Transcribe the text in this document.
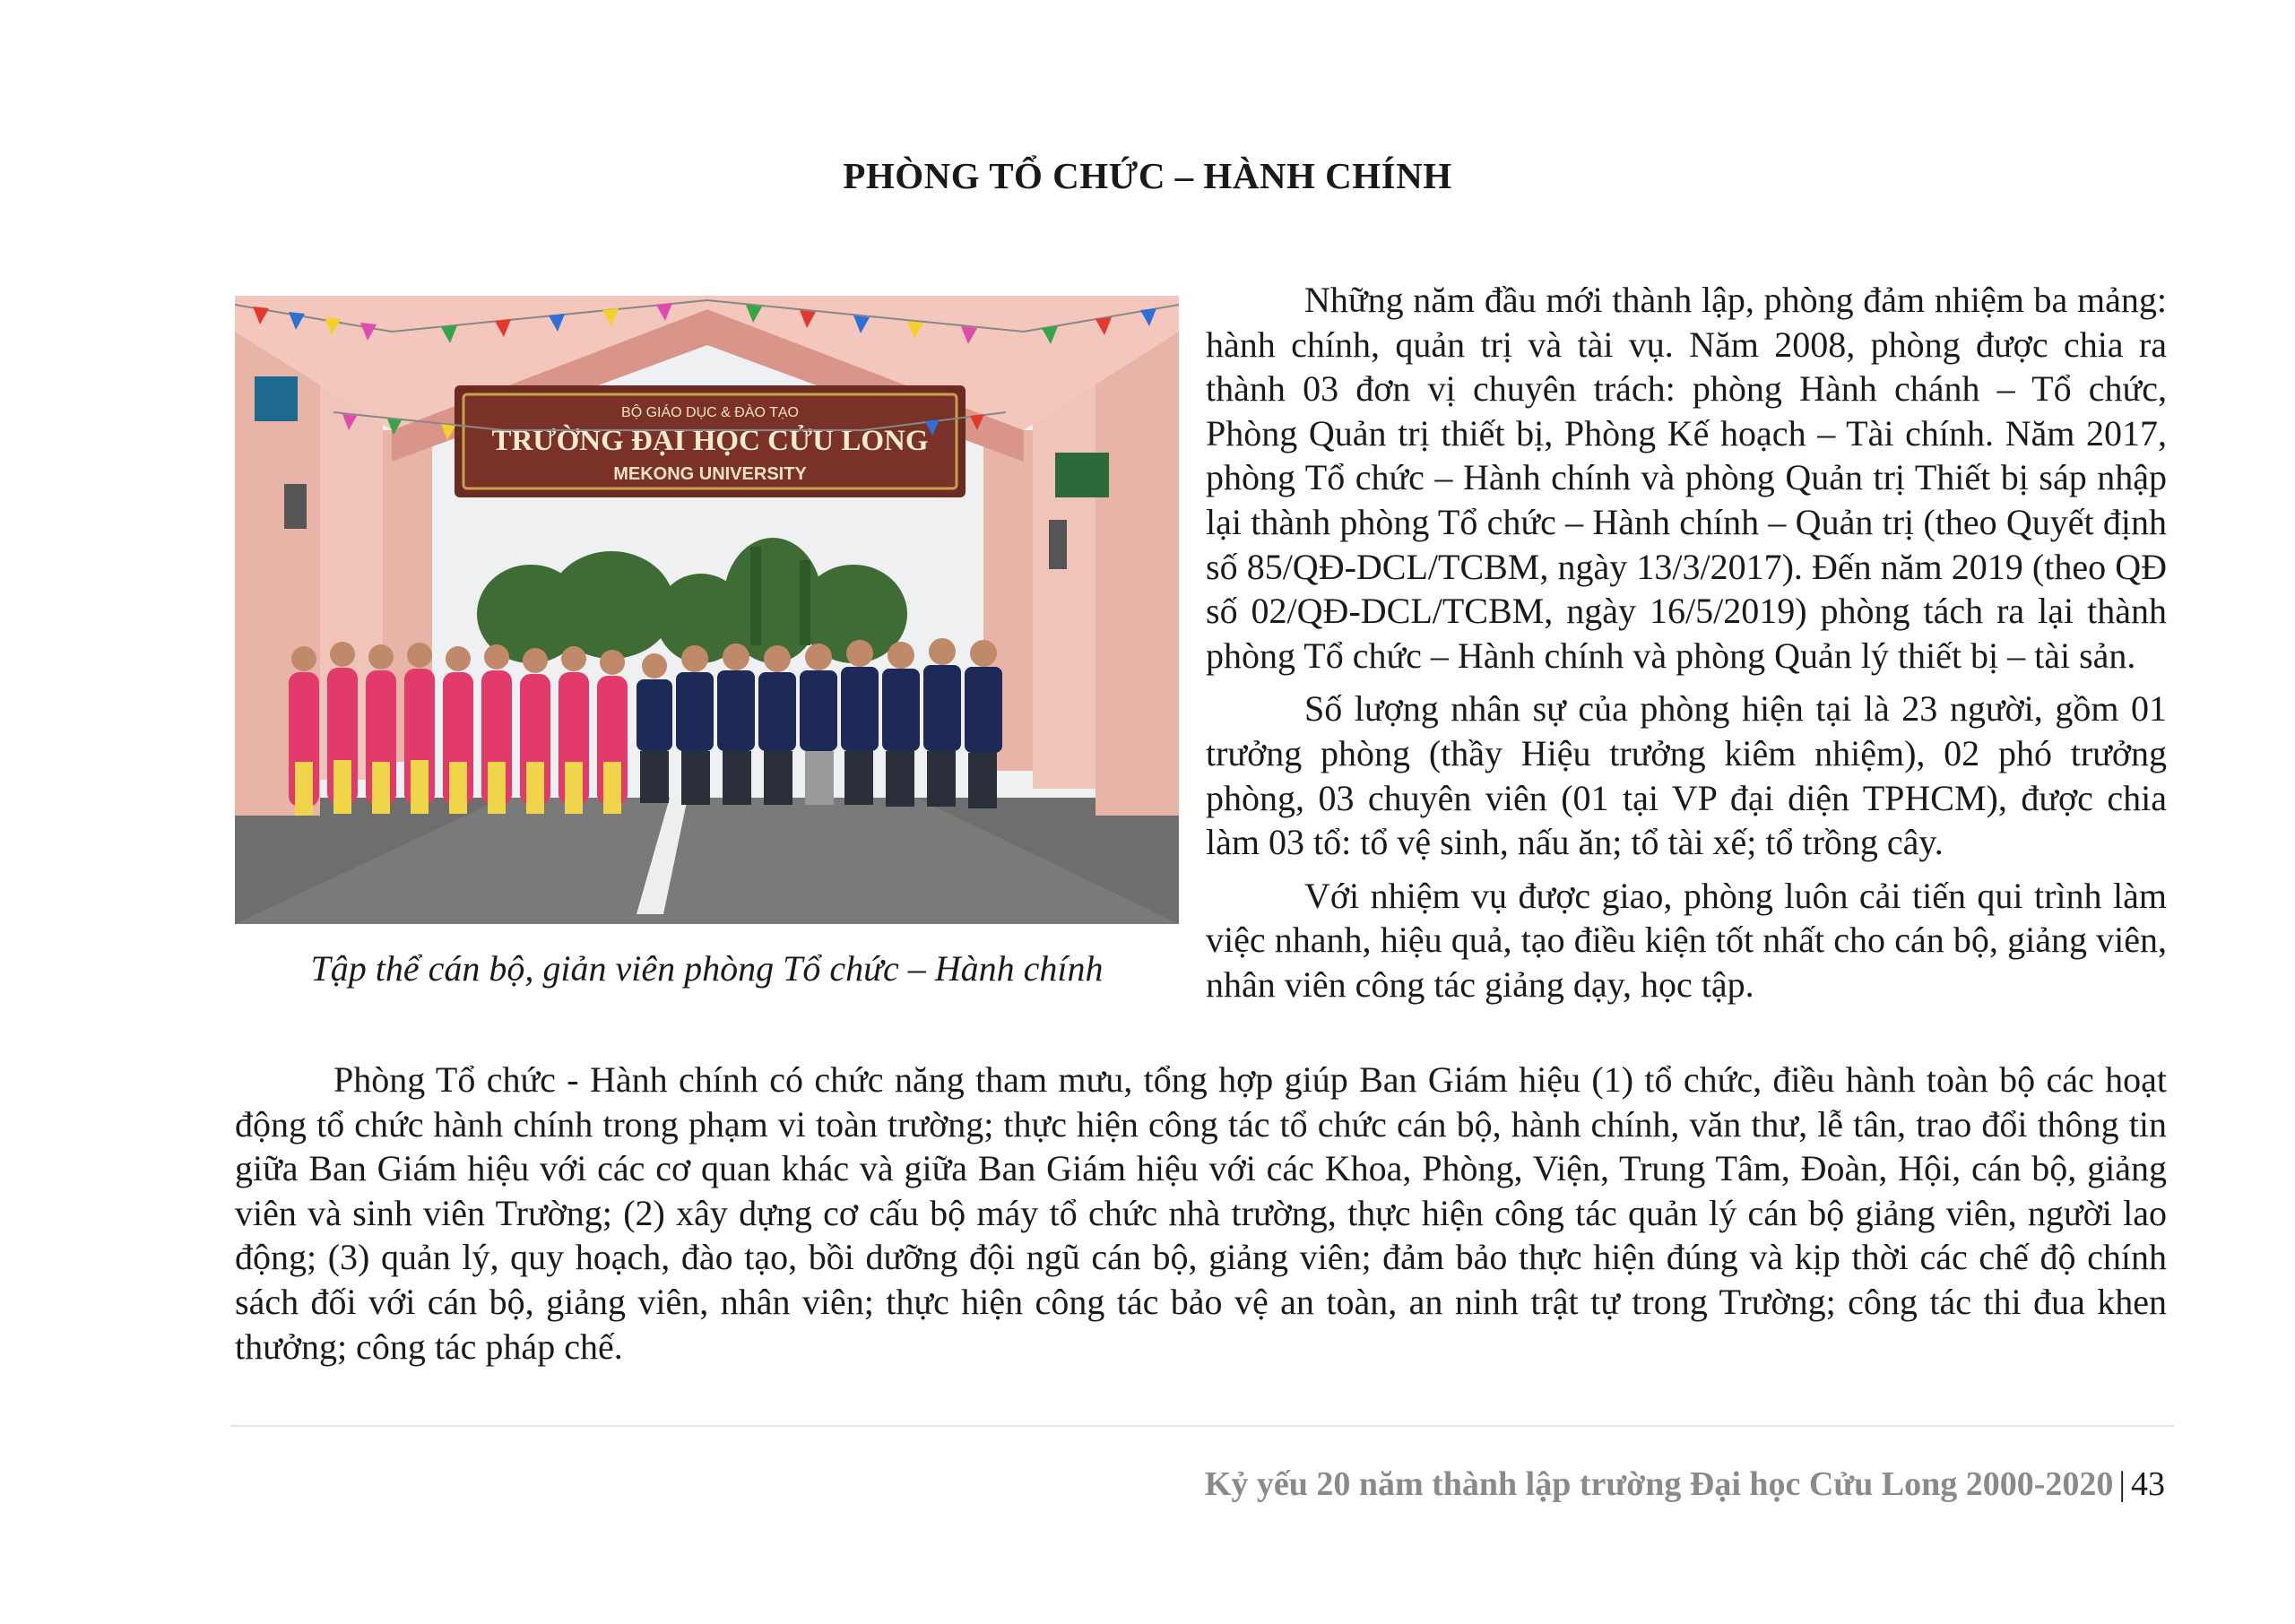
PHÒNG TỔ CHỨC – HÀNH CHÍNH
BỘ GIÁO DỤC & ĐÀO TẠO
TRƯỜNG ĐẠI HỌC CỬU LONG
MEKONG UNIVERSITY
Tập thể cán bộ, giản viên phòng Tổ chức – Hành chính

Những năm đầu mới thành lập, phòng đảm nhiệm ba mảng: hành chính, quản trị và tài vụ. Năm 2008, phòng được chia ra thành 03 đơn vị chuyên trách: phòng Hành chánh – Tổ chức, Phòng Quản trị thiết bị, Phòng Kế hoạch – Tài chính. Năm 2017, phòng Tổ chức – Hành chính và phòng Quản trị Thiết bị sáp nhập lại thành phòng Tổ chức – Hành chính – Quản trị (theo Quyết định số 85/QĐ-DCL/TCBM, ngày 13/3/2017). Đến năm 2019 (theo QĐ số 02/QĐ-DCL/TCBM, ngày 16/5/2019) phòng tách ra lại thành phòng Tổ chức – Hành chính và phòng Quản lý thiết bị – tài sản.

Số lượng nhân sự của phòng hiện tại là 23 người, gồm 01 trưởng phòng (thầy Hiệu trưởng kiêm nhiệm), 02 phó trưởng phòng, 03 chuyên viên (01 tại VP đại diện TPHCM), được chia làm 03 tổ: tổ vệ sinh, nấu ăn; tổ tài xế; tổ trồng cây.

Với nhiệm vụ được giao, phòng luôn cải tiến qui trình làm việc nhanh, hiệu quả, tạo điều kiện tốt nhất cho cán bộ, giảng viên, nhân viên công tác giảng dạy, học tập.

Phòng Tổ chức - Hành chính có chức năng tham mưu, tổng hợp giúp Ban Giám hiệu (1) tổ chức, điều hành toàn bộ các hoạt động tổ chức hành chính trong phạm vi toàn trường; thực hiện công tác tổ chức cán bộ, hành chính, văn thư, lễ tân, trao đổi thông tin giữa Ban Giám hiệu với các cơ quan khác và giữa Ban Giám hiệu với các Khoa, Phòng, Viện, Trung Tâm, Đoàn, Hội, cán bộ, giảng viên và sinh viên Trường; (2) xây dựng cơ cấu bộ máy tổ chức nhà trường, thực hiện công tác quản lý cán bộ giảng viên, người lao động; (3) quản lý, quy hoạch, đào tạo, bồi dưỡng đội ngũ cán bộ, giảng viên; đảm bảo thực hiện đúng và kịp thời các chế độ chính sách đối với cán bộ, giảng viên, nhân viên; thực hiện công tác bảo vệ an toàn, an ninh trật tự trong Trường; công tác thi đua khen thưởng; công tác pháp chế.

Kỷ yếu 20 năm thành lập trường Đại học Cửu Long 2000-2020 | 43
